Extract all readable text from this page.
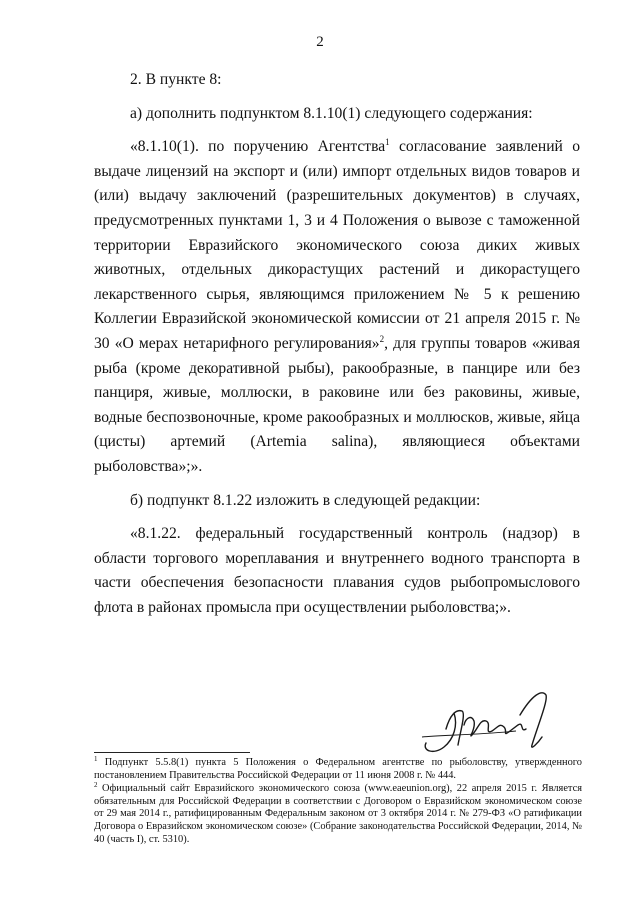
2

2. В пункте 8:

а) дополнить подпунктом 8.1.10(1) следующего содержания:

«8.1.10(1). по поручению Агентства$^1$ согласование заявлений о выдаче лицензий на экспорт и (или) импорт отдельных видов товаров и (или) выдачу заключений (разрешительных документов) в случаях, предусмотренных пунктами 1, 3 и 4 Положения о вывозе с таможенной территории Евразийского экономического союза диких живых животных, отдельных дикорастущих растений и дикорастущего лекарственного сырья, являющимся приложением № 5 к решению Коллегии Евразийской экономической комиссии от 21 апреля 2015 г. № 30 «О мерах нетарифного регулирования»$^2$, для группы товаров «живая рыба (кроме декоративной рыбы), ракообразные, в панцире или без панциря, живые, моллюски, в раковине или без раковины, живые, водные беспозвоночные, кроме ракообразных и моллюсков, живые, яйца (цисты) артемий (Artemia salina), являющиеся объектами рыболовства»;».

б) подпункт 8.1.22 изложить в следующей редакции:

«8.1.22. федеральный государственный контроль (надзор) в области торгового мореплавания и внутреннего водного транспорта в части обеспечения безопасности плавания судов рыбопромыслового флота в районах промысла при осуществлении рыболовства;».

$^1$ Подпункт 5.5.8(1) пункта 5 Положения о Федеральном агентстве по рыболовству, утвержденного постановлением Правительства Российской Федерации от 11 июня 2008 г. № 444.

$^2$ Официальный сайт Евразийского экономического союза (www.eaeunion.org), 22 апреля 2015 г. Является обязательным для Российской Федерации в соответствии с Договором о Евразийском экономическом союзе от 29 мая 2014 г., ратифицированным Федеральным законом от 3 октября 2014 г. № 279-ФЗ «О ратификации Договора о Евразийском экономическом союзе» (Собрание законодательства Российской Федерации, 2014, № 40 (часть I), ст. 5310).
